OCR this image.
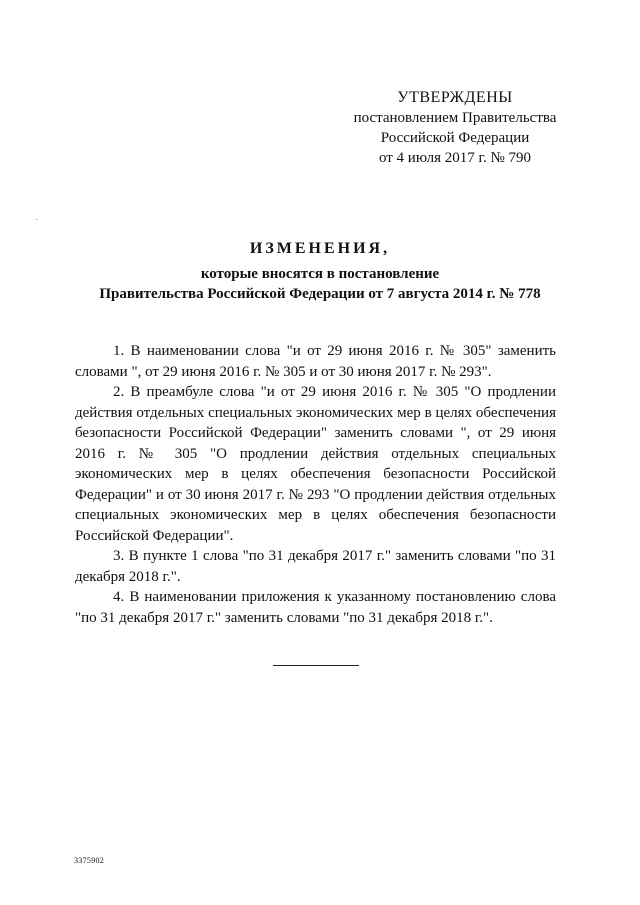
УТВЕРЖДЕНЫ
постановлением Правительства
Российской Федерации
от 4 июля 2017 г. № 790
ИЗМЕНЕНИЯ,
которые вносятся в постановление
Правительства Российской Федерации от 7 августа 2014 г. № 778

1. В наименовании слова "и от 29 июня 2016 г. № 305" заменить словами ", от 29 июня 2016 г. № 305 и от 30 июня 2017 г. № 293".

2. В преамбуле слова "и от 29 июня 2016 г. № 305 "О продлении действия отдельных специальных экономических мер в целях обеспечения безопасности Российской Федерации" заменить словами ", от 29 июня 2016 г. № 305 "О продлении действия отдельных специальных экономических мер в целях обеспечения безопасности Российской Федерации" и от 30 июня 2017 г. № 293 "О продлении действия отдельных специальных экономических мер в целях обеспечения безопасности Российской Федерации".

3. В пункте 1 слова "по 31 декабря 2017 г." заменить словами "по 31 декабря 2018 г.".

4. В наименовании приложения к указанному постановлению слова "по 31 декабря 2017 г." заменить словами "по 31 декабря 2018 г.".

3375902
